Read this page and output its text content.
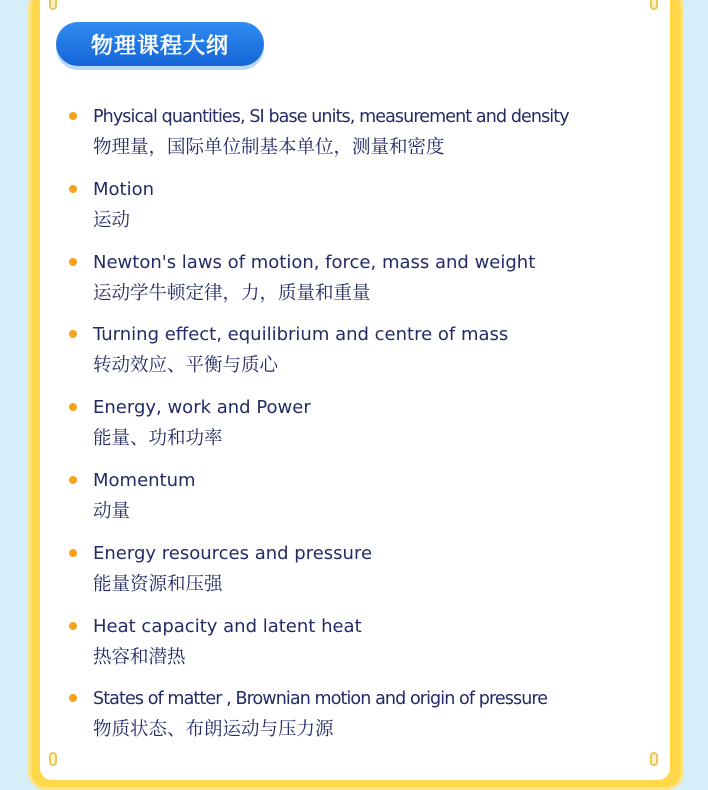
物理课程大纲
Physical quantities, SI base units, measurement and density
物理量，国际单位制基本单位，测量和密度
Motion
运动
Newton's laws of motion, force, mass and weight
运动学牛顿定律，力，质量和重量
Turning effect, equilibrium and centre of mass
转动效应、平衡与质心
Energy, work and Power
能量、功和功率
Momentum
动量
Energy resources and pressure
能量资源和压强
Heat capacity and latent heat
热容和潜热
States of matter , Brownian motion and origin of pressure
物质状态、布朗运动与压力源
